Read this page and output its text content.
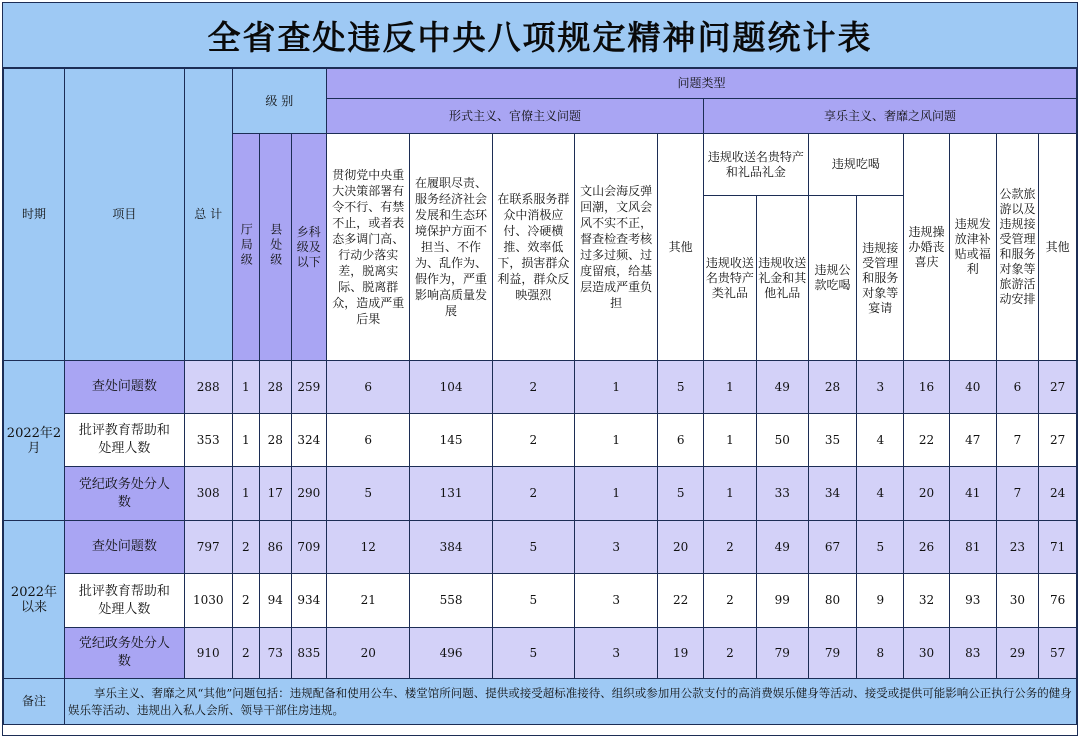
全省查处违反中央八项规定精神问题统计表
时期	项目	总 计	级 别			问题类型												
						形式主义、官僚主义问题					享乐主义、奢靡之风问题							
			厅局级	县处级	乡科级及以下	贯彻党中央重大决策部署有令不行、有禁不止，或者表态多调门高、行动少落实差，脱离实际、脱离群众，造成严重后果	在履职尽责、服务经济社会发展和生态环境保护方面不担当、不作为、乱作为、假作为，严重影响高质量发展	在联系服务群众中消极应付、冷硬横推、效率低下，损害群众利益，群众反映强烈	文山会海反弹回潮，文风会风不实不正，督查检查考核过多过频、过度留痕，给基层造成严重负担	其他	违规收送名贵特产和礼品礼金		违规吃喝		违规操办婚丧喜庆	违规发放津补贴或福利	公款旅游以及违规接受管理和服务对象等旅游活动安排	其他
											违规收送名贵特产类礼品	违规收送礼金和其他礼品	违规公款吃喝	违规接受管理和服务对象等宴请				

2022年2月	查处问题数	288	1	28	259	6	104	2	1	5	1	49	28	3	16	40	6	27
	批评教育帮助和处理人数	353	1	28	324	6	145	2	1	6	1	50	35	4	22	47	7	27
	党纪政务处分人数	308	1	17	290	5	131	2	1	5	1	33	34	4	20	41	7	24
2022年以来	查处问题数	797	2	86	709	12	384	5	3	20	2	49	67	5	26	81	23	71
	批评教育帮助和处理人数	1030	2	94	934	21	558	5	3	22	2	99	80	9	32	93	30	76
	党纪政务处分人数	910	2	73	835	20	496	5	3	19	2	79	79	8	30	83	29	57
备注	享乐主义、奢靡之风“其他”问题包括：违规配备和使用公车、楼堂馆所问题、提供或接受超标准接待、组织或参加用公款支付的高消费娱乐健身等活动、接受或提供可能影响公正执行公务的健身娱乐等活动、违规出入私人会所、领导干部住房违规。																	
